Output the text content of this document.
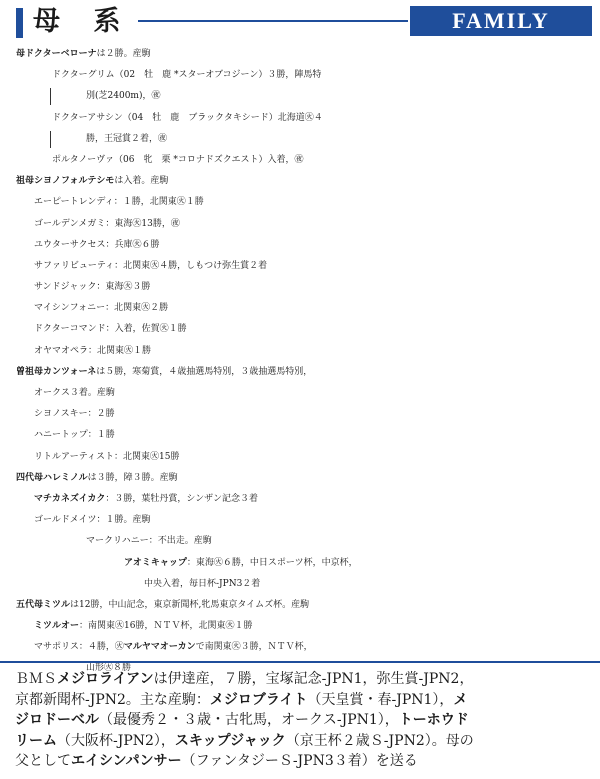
母 系	FAMILY
母ドクターベローナは２勝。産駒
ドクターグリム（02　牡　鹿 *スターオブコジーン）３勝，陣馬特
別(芝2400m)，㊰
ドクターアサシン（04　牡　鹿　ブラックタキシード）北海道㊋４
勝，王冠賞２着，㊰
ポルタノーヴァ（06　牝　栗 *コロナドズクエスト）入着，㊰
祖母シヨノフォルテシモは入着。産駒
エーピートレンディ：１勝，北関東㊋１勝
ゴールデンメガミ：東海㊋13勝，㊰
ユウターサクセス：兵庫㊋６勝
サファリビューティ：北関東㊋４勝，しもつけ弥生賞２着
サンドジャック：東海㊋３勝
マイシンフォニー：北関東㊋２勝
ドクターコマンド：入着，佐賀㊋１勝
オヤマオペラ：北関東㊋１勝
曽祖母カンツォーネは５勝，寒菊賞，４歳抽選馬特別，３歳抽選馬特別，
オークス３着。産駒
シヨノスキー：２勝
ハニートップ：１勝
リトルアーティスト：北関東㊋15勝
四代母ハレミノルは３勝，障３勝。産駒
マチカネズイカク：３勝，葉牡丹賞，シンザン記念３着
ゴールドメイツ：１勝。産駒
マークリハニー：不出走。産駒
アオミキャップ：東海㊋６勝，中日スポーツ杯，中京杯，
中央入着，毎日杯-JPN3２着
五代母ミツルは12勝，中山記念，東京新聞杯,牝馬東京タイムズ杯。産駒
ミツルオー：南関東㊋16勝，ＮＴＶ杯，北関東㊋１勝
マサポリス：４勝，㊋マルヤマオーカンで南関東㊋３勝，ＮＴＶ杯，
山形㊋８勝
ＢＭＳメジロライアンは伊達産，７勝，宝塚記念-JPN1，弥生賞-JPN2，
京都新聞杯-JPN2。主な産駒：メジロブライト（天皇賞・春-JPN1），メ
ジロドーベル（最優秀２・３歳・古牝馬，オークス-JPN1），トーホウド
リーム（大阪杯-JPN2），スキップジャック（京王杯２歳Ｓ-JPN2）。母の
父としてエイシンパンサー（ファンタジーＳ-JPN3３着）を送る
